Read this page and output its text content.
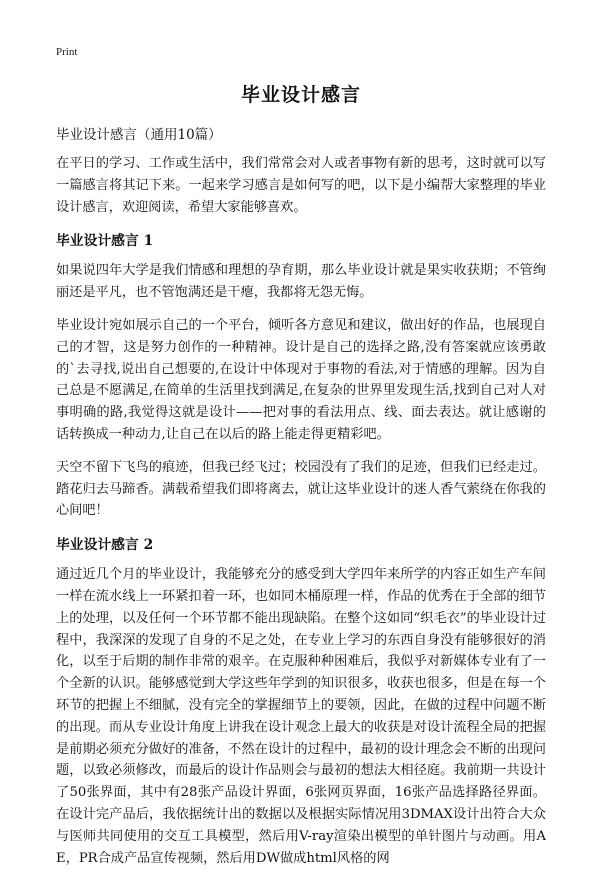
Print
毕业设计感言
毕业设计感言（通用10篇）

在平日的学习、工作或生活中，我们常常会对人或者事物有新的思考，这时就可以写一篇感言将其记下来。一起来学习感言是如何写的吧，以下是小编帮大家整理的毕业设计感言，欢迎阅读，希望大家能够喜欢。

毕业设计感言 1

如果说四年大学是我们情感和理想的孕育期，那么毕业设计就是果实收获期；不管绚丽还是平凡，也不管饱满还是干瘪，我都将无怨无悔。

毕业设计宛如展示自己的一个平台，倾听各方意见和建议，做出好的作品，也展现自己的才智，这是努力创作的一种精神。设计是自己的选择之路,没有答案就应该勇敢的`去寻找,说出自己想要的,在设计中体现对于事物的看法,对于情感的理解。因为自己总是不愿满足,在简单的生活里找到满足,在复杂的世界里发现生活,找到自己对人对事明确的路,我觉得这就是设计——把对事的看法用点、线、面去表达。就让感谢的话转换成一种动力,让自己在以后的路上能走得更精彩吧。

天空不留下飞鸟的痕迹，但我已经飞过；校园没有了我们的足迹，但我们已经走过。踏花归去马蹄香。满载希望我们即将离去，就让这毕业设计的迷人香气萦绕在你我的心间吧！

毕业设计感言 2

通过近几个月的毕业设计，我能够充分的感受到大学四年来所学的内容正如生产车间一样在流水线上一环紧扣着一环，也如同木桶原理一样，作品的优秀在于全部的细节上的处理，以及任何一个环节都不能出现缺陷。在整个这如同“织毛衣”的毕业设计过程中，我深深的发现了自身的不足之处，在专业上学习的东西自身没有能够很好的消化，以至于后期的制作非常的艰辛。在克服种种困难后，我似乎对新媒体专业有了一个全新的认识。能够感觉到大学这些年学到的知识很多，收获也很多，但是在每一个环节的把握上不细腻，没有完全的掌握细节上的要领，因此，在做的过程中问题不断的出现。而从专业设计角度上讲我在设计观念上最大的收获是对设计流程全局的把握是前期必须充分做好的准备，不然在设计的过程中，最初的设计理念会不断的出现问题，以致必须修改，而最后的设计作品则会与最初的想法大相径庭。我前期一共设计了50张界面，其中有28张产品设计界面，6张网页界面，16张产品选择路径界面。在设计完产品后，我依据统计出的数据以及根据实际情况用3DMAX设计出符合大众与医师共同使用的交互工具模型，然后用V-ray渲染出模型的单针图片与动画。用AE，PR合成产品宣传视频，然后用DW做成html风格的网
